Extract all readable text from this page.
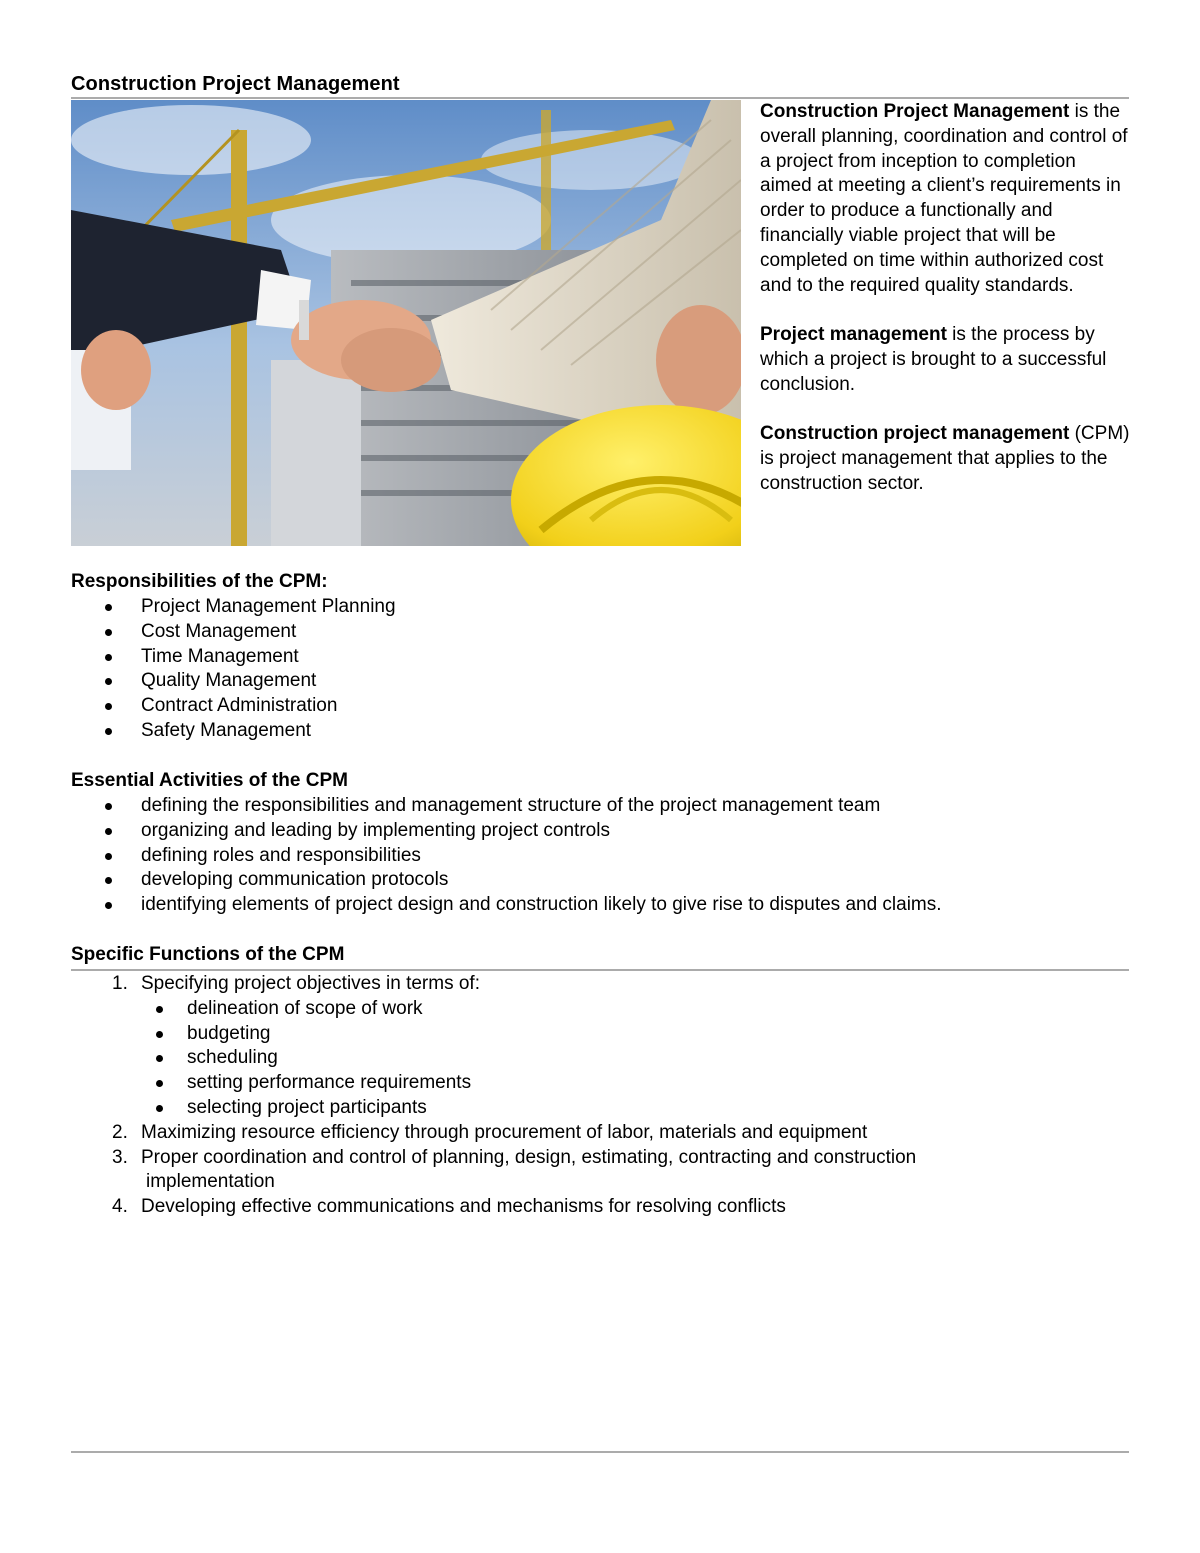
Construction Project Management

Construction Project Management is the overall planning, coordination and control of a project from inception to completion aimed at meeting a client’s requirements in order to produce a functionally and financially viable project that will be completed on time within authorized cost and to the required quality standards.

Project management is the process by which a project is brought to a successful conclusion.

Construction project management (CPM) is project management that applies to the construction sector.

Responsibilities of the CPM:
Project Management Planning
Cost Management
Time Management
Quality Management
Contract Administration
Safety Management
Essential Activities of the CPM
defining the responsibilities and management structure of the project management team
organizing and leading by implementing project controls
defining roles and responsibilities
developing communication protocols
identifying elements of project design and construction likely to give rise to disputes and claims.
Specific Functions of the CPM
1. Specifying project objectives in terms of:
delineation of scope of work
budgeting
scheduling
setting performance requirements
selecting project participants
2. Maximizing resource efficiency through procurement of labor, materials and equipment
3. Proper coordination and control of planning, design, estimating, contracting and construction
implementation
4. Developing effective communications and mechanisms for resolving conflicts
